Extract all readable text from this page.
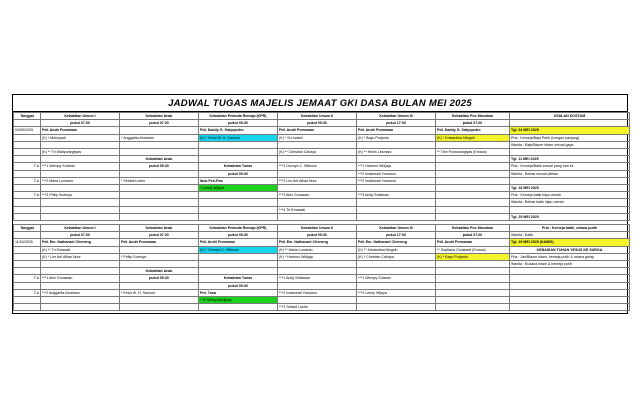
JADWAL TUGAS MAJELIS JEMAAT GKI DASA BULAN MEI 2025
Tanggal	Kebaktian Umum I	Kebaktian Anak	Kebaktian Pemuda Remaja (KPR)	Kebaktian Umum II	Kebaktian Umum III	Kebaktian Pos Manukan	USULAN KOSTUM
	pukul 07.00	pukul 07.00	pukul 09.30	pukul 09.30	pukul 17.00	pukul 07.00	
04/05/2025	Pdt. Andri Purnawan		Pdt. Daddy G. Satyoputro	Pdt. Andri Purnawan	Pdt. Andri Purnawan	Pdt. Daddy G. Satyoputro	Tgl. 04 MEI 2025
	(K) * Mukriyadi	* Anggarita Abraham	(K) * Ketut W. H. Samoni	(K) * Sri Indarti	(K) * Bayu Purjanto	(K) * Kristantina Ningsih	Pria : Kemeja/Baju Putih (Lengan panjang)
							Wanita : Baju/Blazer hitam sesuai gaya
	(K) ** Tri Wahyuningtyas			(K) ** Christian Cahaya	(K) ** Henik Lesmani	** Tien Purwaningtyas (Emaus)	
		Kebaktian Anak					Tgl. 11 MEI 2025
T.A	***1 Wempy Sutanto	pukul 09.30	Kebaktian Tunas	***3 Dennys C. Wibowo	***1 Hartono Widjaja		Pria : Kemeja/Batik sesuai yang hari ini
			pukul 09.30		***2 Indahwati Yoewono		Wanita : Bebas sesuai pilihan
T.A	***2 Maria Lumanto	* Setiadi Lukito	Ibuk Pen-Pan	***2 Lim Arif Alfian Nour	***2 Indahwati Yoewono		
			* Lenny Wijaya				Tgl. 18 MEI 2025
T.A	***3 Philip Soetoyo			***3 Alex Gunawan	***3 Andy Setiawan		Pria : Kemeja batik hijau-merah
							Wanita : Bebas batik hijau-merah
				***4 Tri Emawati			
							Tgl. 25 MEI 2025

Tanggal	Kebaktian Umum I	Kebaktian Anak	Kebaktian Pemuda Remaja (KPR)	Kebaktian Umum II	Kebaktian Umum III	Kebaktian Pos Manukan	Pria : Kemeja batik, celana putih
	pukul 07.00	pukul 07.00	pukul 09.30	pukul 09.30	pukul 17.00	pukul 07.00	Wanita : Batik
11/04/2025	Pdt. Em. Nathanael Cheneng	Pdt. Andri Purnawan	Pdt. Andri Purnawan	Pdt. Em. Nathanael Cheneng	Pdt. Em. Nathanael Cheneng	Pdt. Andri Purnawan	Tgl. 29 MEI 2025 (KAMIS)
	(K) ** Tri Emawati		(K) * Dennys C. Wibowo	(K) ** Maria Lumanto	(K) ** Kristantina Ningsih	** Septiana Christanti (Emaus)	KENAIKAN TUHAN YESUS KE SURGA
	(K) * Lim Arif Alfian Nour	* Philip Soetoyo		(K) * Hartono Widjaja	(K) * Christian Cahaya	(K) * Bayu Purjanto	Pria : Jas/Blazer hitam, kemeja putih & celana gelap
							Wanita : Busana hitam & kemeja putih
		Kebaktian Anak					
T.A	***1 Alex Gunawan	pukul 09.30	Kebaktian Tunas	***1 Andy Setiawan	***1 Wempy Sutanto		
			pukul 09.30				
T.A	***2 Anggarita Abraham	* Ketut W. H. Samoni	Pnt. Tosa	***2 Indahwati Yoewono	***2 Lenny Wijaya		
			* Tri Wahyuningtyas				
				***3 Setiadi Lukito			
